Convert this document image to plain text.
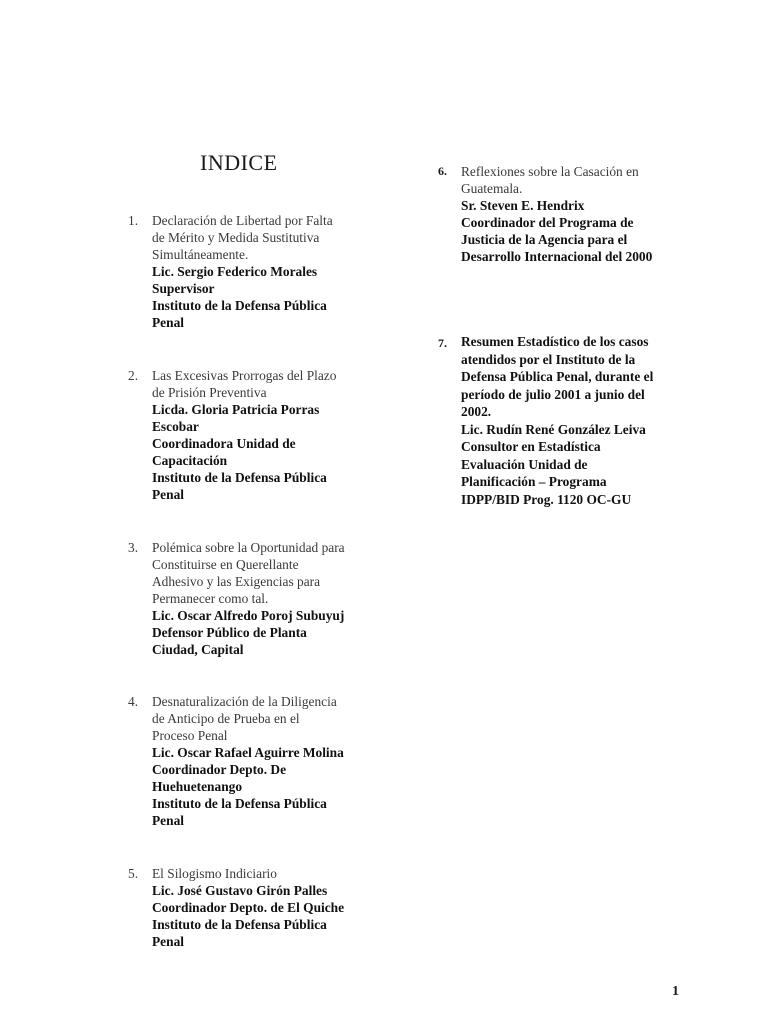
INDICE
1.	Declaración de Libertad por Falta
de Mérito y Medida Sustitutiva
Simultáneamente.
Lic. Sergio Federico Morales
Supervisor
Instituto de la Defensa Pública
Penal
2.	Las Excesivas Prorrogas del Plazo
de Prisión Preventiva
Licda. Gloria Patricia Porras
Escobar
Coordinadora Unidad de
Capacitación
Instituto de la Defensa Pública
Penal
3.	Polémica sobre la Oportunidad para
Constituirse en Querellante
Adhesivo y las Exigencias para
Permanecer como tal.
Lic. Oscar Alfredo Poroj Subuyuj
Defensor Público de Planta
Ciudad, Capital
4.	Desnaturalización de la Diligencia
de Anticipo de Prueba en el
Proceso Penal
Lic. Oscar Rafael Aguirre Molina
Coordinador Depto. De
Huehuetenango
Instituto de la Defensa Pública
Penal
5.	El Silogismo Indiciario
Lic. José Gustavo Girón Palles
Coordinador Depto. de El Quiche
Instituto de la Defensa Pública
Penal
6.	Reflexiones sobre la Casación en
Guatemala.
Sr. Steven E. Hendrix
Coordinador del Programa de
Justicia de la Agencia para el
Desarrollo Internacional del 2000
7.	Resumen Estadístico de los casos
atendidos por el Instituto de la
Defensa Pública Penal, durante el
período de julio 2001 a junio del
2002.
Lic. Rudín René González Leiva
Consultor en Estadística
Evaluación Unidad de
Planificación – Programa
IDPP/BID Prog. 1120 OC-GU
1
